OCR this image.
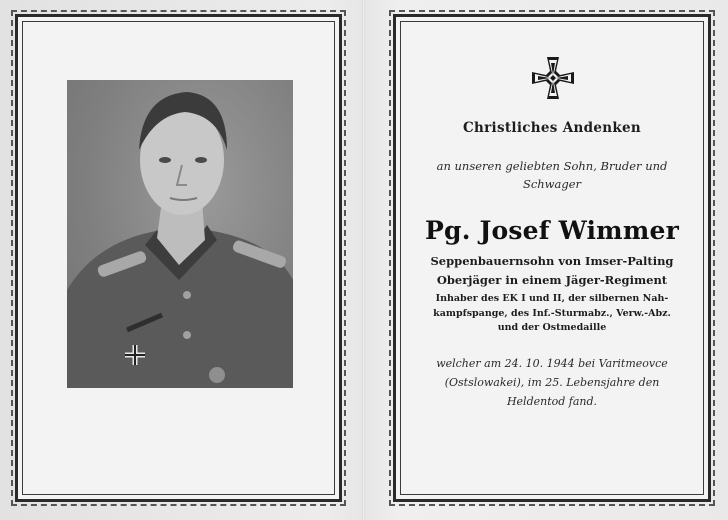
Christliches Andenken
an unseren geliebten Sohn, Bruder und
Schwager
Pg. Josef Wimmer
Seppenbauernsohn von Imser-Palting
Oberjäger in einem Jäger-Regiment
Inhaber des EK I und II, der silbernen Nah-
kampfspange, des Inf.-Sturmabz., Verw.-Abz.
und der Ostmedaille
welcher am 24. 10. 1944 bei Varitmeovce
(Ostslowakei), im 25. Lebensjahre den
Heldentod fand.
